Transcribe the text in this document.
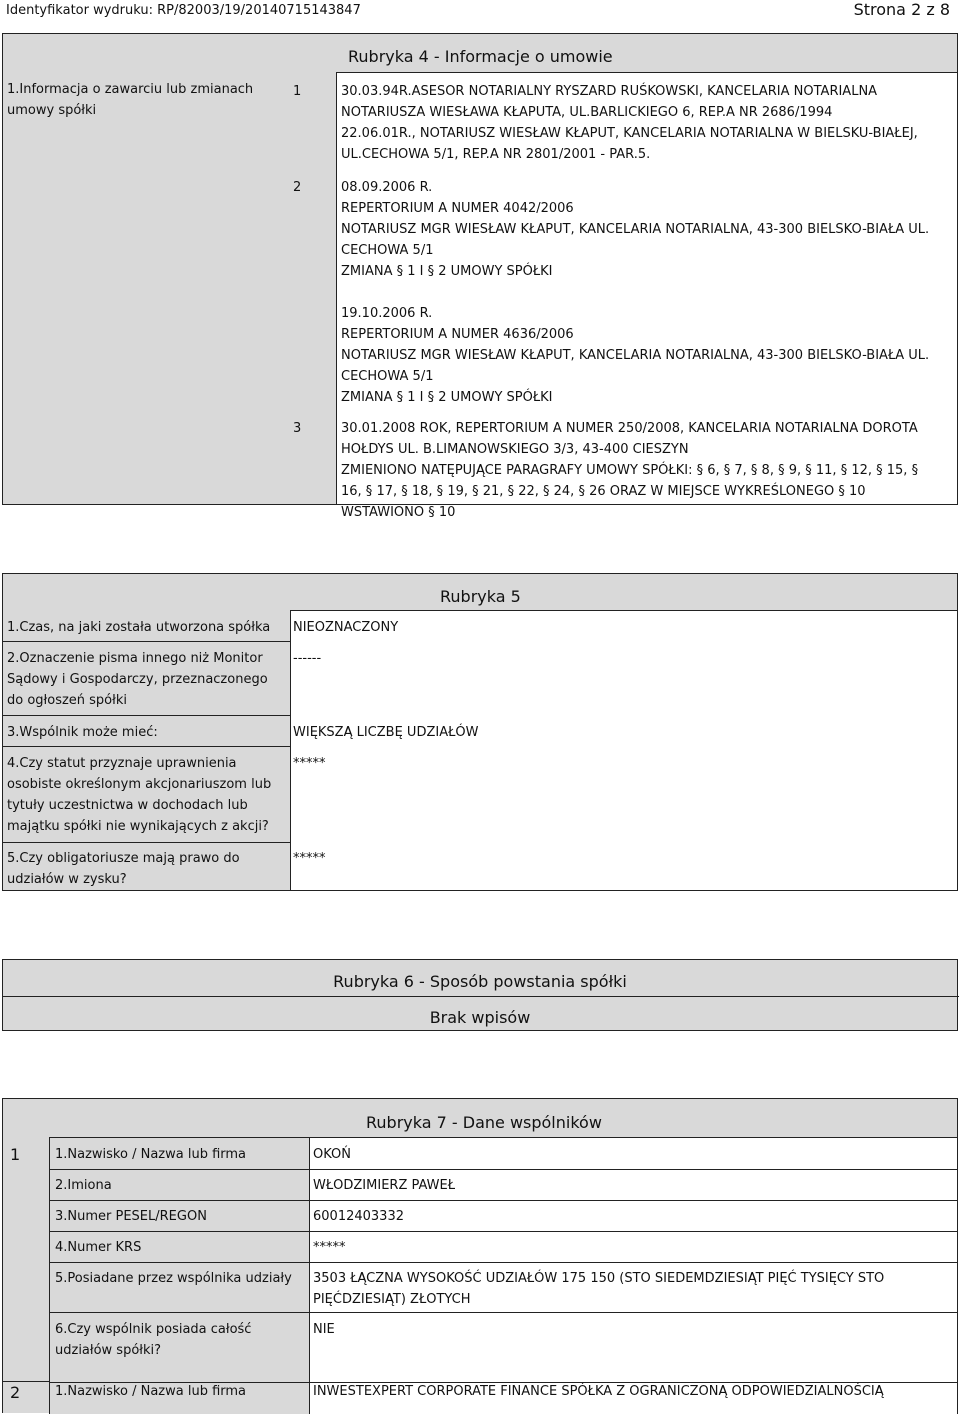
Identyfikator wydruku: RP/82003/19/20140715143847	Strona 2 z 8
Rubryka 4 - Informacje o umowie
1.Informacja o zawarciu lub zmianach umowy spółki
1	30.03.94R.ASESOR NOTARIALNY RYSZARD RUŚKOWSKI, KANCELARIA NOTARIALNA NOTARIUSZA WIESŁAWA KŁAPUTA, UL.BARLICKIEGO 6, REP.A NR 2686/1994
22.06.01R., NOTARIUSZ WIESŁAW KŁAPUT, KANCELARIA NOTARIALNA W BIELSKU-BIAŁEJ, UL.CECHOWA 5/1, REP.A NR 2801/2001 - PAR.5.
2	08.09.2006 R.
REPERTORIUM A NUMER 4042/2006
NOTARIUSZ MGR WIESŁAW KŁAPUT, KANCELARIA NOTARIALNA, 43-300 BIELSKO-BIAŁA UL. CECHOWA 5/1
ZMIANA § 1 I § 2 UMOWY SPÓŁKI

19.10.2006 R.
REPERTORIUM A NUMER 4636/2006
NOTARIUSZ MGR WIESŁAW KŁAPUT, KANCELARIA NOTARIALNA, 43-300 BIELSKO-BIAŁA UL. CECHOWA 5/1
ZMIANA § 1 I § 2 UMOWY SPÓŁKI
3	30.01.2008 ROK, REPERTORIUM A NUMER 250/2008, KANCELARIA NOTARIALNA DOROTA HOŁDYS UL. B.LIMANOWSKIEGO 3/3, 43-400 CIESZYN
ZMIENIONO NATĘPUJĄCE PARAGRAFY UMOWY SPÓŁKI: § 6, § 7, § 8, § 9, § 11, § 12, § 15, § 16, § 17, § 18, § 19, § 21, § 22, § 24, § 26 ORAZ W MIEJSCE WYKREŚLONEGO § 10 WSTAWIONO § 10
Rubryka 5
1.Czas, na jaki została utworzona spółka	NIEOZNACZONY
2.Oznaczenie pisma innego niż Monitor Sądowy i Gospodarczy, przeznaczonego do ogłoszeń spółki
------
3.Wspólnik może mieć:	WIĘKSZĄ LICZBĘ UDZIAŁÓW
4.Czy statut przyznaje uprawnienia osobiste określonym akcjonariuszom lub tytuły uczestnictwa w dochodach lub majątku spółki nie wynikających z akcji?
*****
5.Czy obligatoriusze mają prawo do udziałów w zysku?
*****
Rubryka 6 - Sposób powstania spółki
Brak wpisów
Rubryka 7 - Dane wspólników
1	1.Nazwisko / Nazwa lub firma	OKOŃ
2.Imiona	WŁODZIMIERZ PAWEŁ
3.Numer PESEL/REGON	60012403332
4.Numer KRS	*****
5.Posiadane przez wspólnika udziały	3503 ŁĄCZNA WYSOKOŚĆ UDZIAŁÓW 175 150 (STO SIEDEMDZIESIĄT PIĘĆ TYSIĘCY STO PIĘĆDZIESIĄT) ZŁOTYCH
6.Czy wspólnik posiada całość udziałów spółki?
NIE
2	1.Nazwisko / Nazwa lub firma	INWESTEXPERT CORPORATE FINANCE SPÓŁKA Z OGRANICZONĄ ODPOWIEDZIALNOŚCIĄ
